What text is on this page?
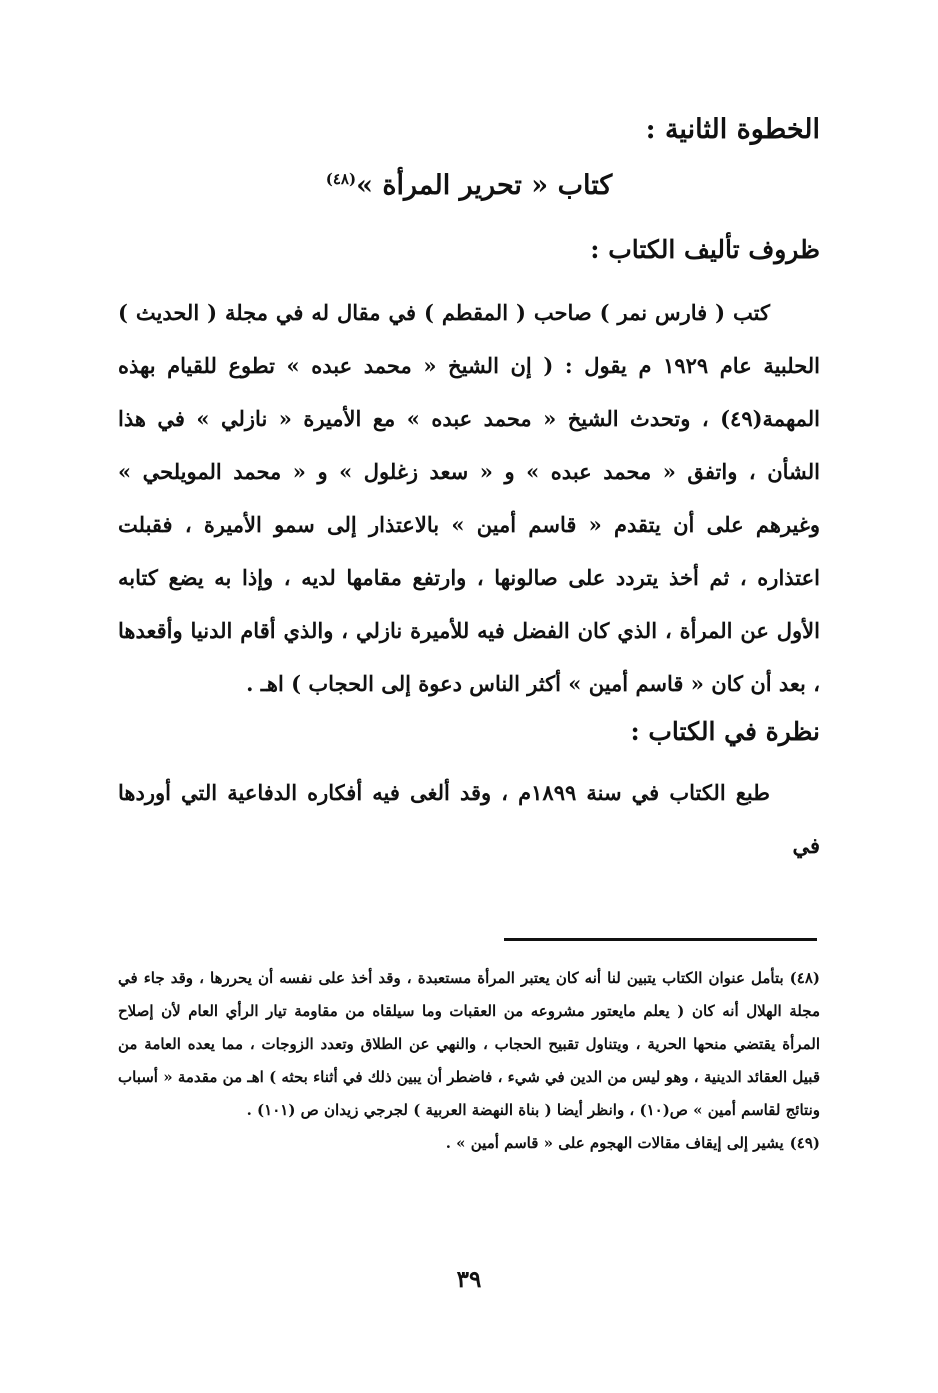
الخطوة الثانية :
كتاب « تحرير المرأة »$^{(٤٨)}$
ظروف تأليف الكتاب :

كتب ( فارس نمر ) صاحب ( المقطم ) في مقال له في مجلة ( الحديث ) الحلبية عام ١٩٢٩ م يقول : ( إن الشيخ « محمد عبده » تطوع للقيام بهذه المهمة(٤٩) ، وتحدث الشيخ « محمد عبده » مع الأميرة « نازلي » في هذا الشأن ، واتفق « محمد عبده » و « سعد زغلول » و « محمد المويلحي » وغيرهم على أن يتقدم « قاسم أمين » بالاعتذار إلى سمو الأميرة ، فقبلت اعتذاره ، ثم أخذ يتردد على صالونها ، وارتفع مقامها لديه ، وإذا به يضع كتابه الأول عن المرأة ، الذي كان الفضل فيه للأميرة نازلي ، والذي أقام الدنيا وأقعدها ، بعد أن كان « قاسم أمين » أكثر الناس دعوة إلى الحجاب ) اهـ .

نظرة في الكتاب :

طبع الكتاب في سنة ١٨٩٩م ، وقد ألغى فيه أفكاره الدفاعية التي أوردها في

(٤٨)بتأمل عنوان الكتاب يتبين لنا أنه كان يعتبر المرأة مستعبدة ، وقد أخذ على نفسه أن يحررها ، وقد جاء في مجلة الهلال أنه كان ( يعلم مايعتور مشروعه من العقبات وما سيلقاه من مقاومة تيار الرأي العام لأن إصلاح المرأة يقتضي منحها الحرية ، ويتناول تقبيح الحجاب ، والنهي عن الطلاق وتعدد الزوجات ، مما يعده العامة من قبيل العقائد الدينية ، وهو ليس من الدين في شيء ، فاضطر أن يبين ذلك في أثناء بحثه ) اهـ من مقدمة « أسباب ونتائج لقاسم أمين » ص(١٠) ، وانظر أيضا ( بناة النهضة العربية ) لجرجي زيدان ص (١٠١) .

(٤٩)يشير إلى إيقاف مقالات الهجوم على « قاسم أمين » .

٣٩
